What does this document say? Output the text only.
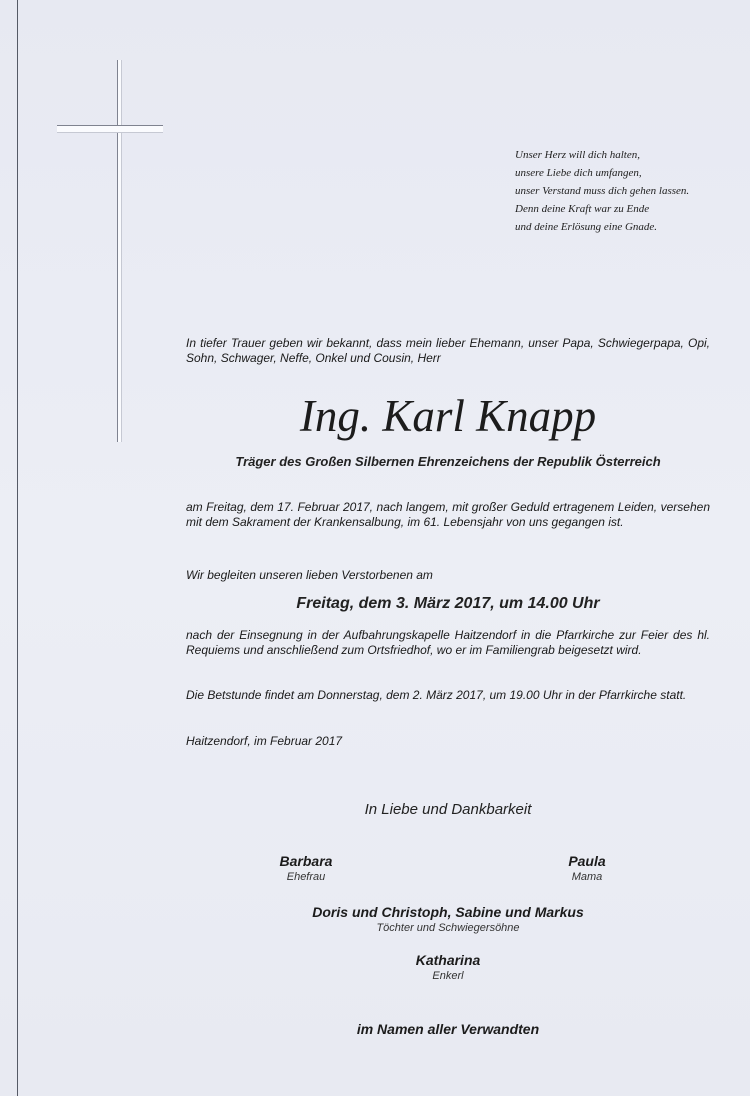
Unser Herz will dich halten,
unsere Liebe dich umfangen,
unser Verstand muss dich gehen lassen.
Denn deine Kraft war zu Ende
und deine Erlösung eine Gnade.
In tiefer Trauer geben wir bekannt, dass mein lieber Ehemann, unser Papa, Schwiegerpapa, Opi, Sohn, Schwager, Neffe, Onkel und Cousin, Herr
Ing. Karl Knapp
Träger des Großen Silbernen Ehrenzeichens der Republik Österreich
am Freitag, dem 17. Februar 2017, nach langem, mit großer Geduld ertragenem Leiden, versehen mit dem Sakrament der Krankensalbung, im 61. Lebensjahr von uns gegangen ist.
Wir begleiten unseren lieben Verstorbenen am
Freitag, dem 3. März 2017, um 14.00 Uhr
nach der Einsegnung in der Aufbahrungskapelle Haitzendorf in die Pfarrkirche zur Feier des hl. Requiems und anschließend zum Ortsfriedhof, wo er im Familiengrab beigesetzt wird.
Die Betstunde findet am Donnerstag, dem 2. März 2017, um 19.00 Uhr in der Pfarrkirche statt.
Haitzendorf, im Februar 2017
In Liebe und Dankbarkeit
Barbara
Ehefrau
Paula
Mama
Doris und Christoph, Sabine und Markus
Töchter und Schwiegersöhne
Katharina
Enkerl
im Namen aller Verwandten
